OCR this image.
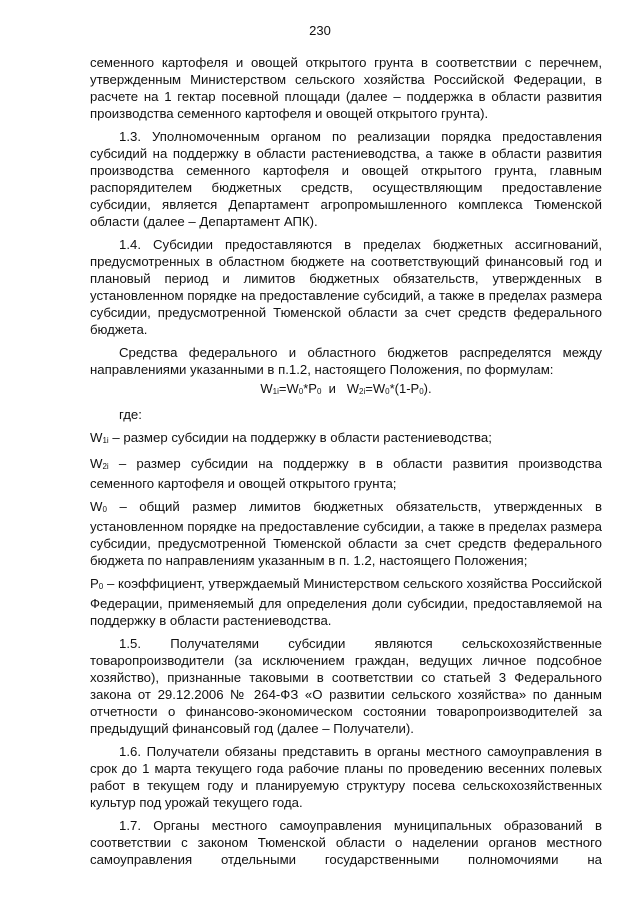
230

семенного картофеля и овощей открытого грунта в соответствии с перечнем, утвержденным Министерством сельского хозяйства Российской Федерации, в расчете на 1 гектар посевной площади (далее – поддержка в области развития производства семенного картофеля и овощей открытого грунта).

1.3. Уполномоченным органом по реализации порядка предоставления субсидий на поддержку в области растениеводства, а также в области развития производства семенного картофеля и овощей открытого грунта, главным распорядителем бюджетных средств, осуществляющим предоставление субсидии, является Департамент агропромышленного комплекса Тюменской области (далее – Департамент АПК).

1.4. Субсидии предоставляются в пределах бюджетных ассигнований, предусмотренных в областном бюджете на соответствующий финансовый год и плановый период и лимитов бюджетных обязательств, утвержденных в установленном порядке на предоставление субсидий, а также в пределах размера субсидии, предусмотренной Тюменской области за счет средств федерального бюджета.

Средства федерального и областного бюджетов распределятся между направлениями указанными в п.1.2, настоящего Положения, по формулам:

$W_{1i}=W_0*P_0$ и $W_{2i}=W_0*(1-P_0)$.

где:

$W_{1i}$ – размер субсидии на поддержку в области растениеводства;

$W_{2i}$ – размер субсидии на поддержку в в области развития производства семенного картофеля и овощей открытого грунта;

$W_0$ – общий размер лимитов бюджетных обязательств, утвержденных в установленном порядке на предоставление субсидии, а также в пределах размера субсидии, предусмотренной Тюменской области за счет средств федерального бюджета по направлениям указанным в п. 1.2, настоящего Положения;

$P_0$ – коэффициент, утверждаемый Министерством сельского хозяйства Российской Федерации, применяемый для определения доли субсидии, предоставляемой на поддержку в области растениеводства.

1.5. Получателями субсидии являются сельскохозяйственные товаропроизводители (за исключением граждан, ведущих личное подсобное хозяйство), признанные таковыми в соответствии со статьей 3 Федерального закона от 29.12.2006 № 264-ФЗ «О развитии сельского хозяйства» по данным отчетности о финансово-экономическом состоянии товаропроизводителей за предыдущий финансовый год (далее – Получатели).

1.6. Получатели обязаны представить в органы местного самоуправления в срок до 1 марта текущего года рабочие планы по проведению весенних полевых работ в текущем году и планируемую структуру посева сельскохозяйственных культур под урожай текущего года.

1.7. Органы местного самоуправления муниципальных образований в соответствии с законом Тюменской области о наделении органов местного самоуправления отдельными государственными полномочиями на
